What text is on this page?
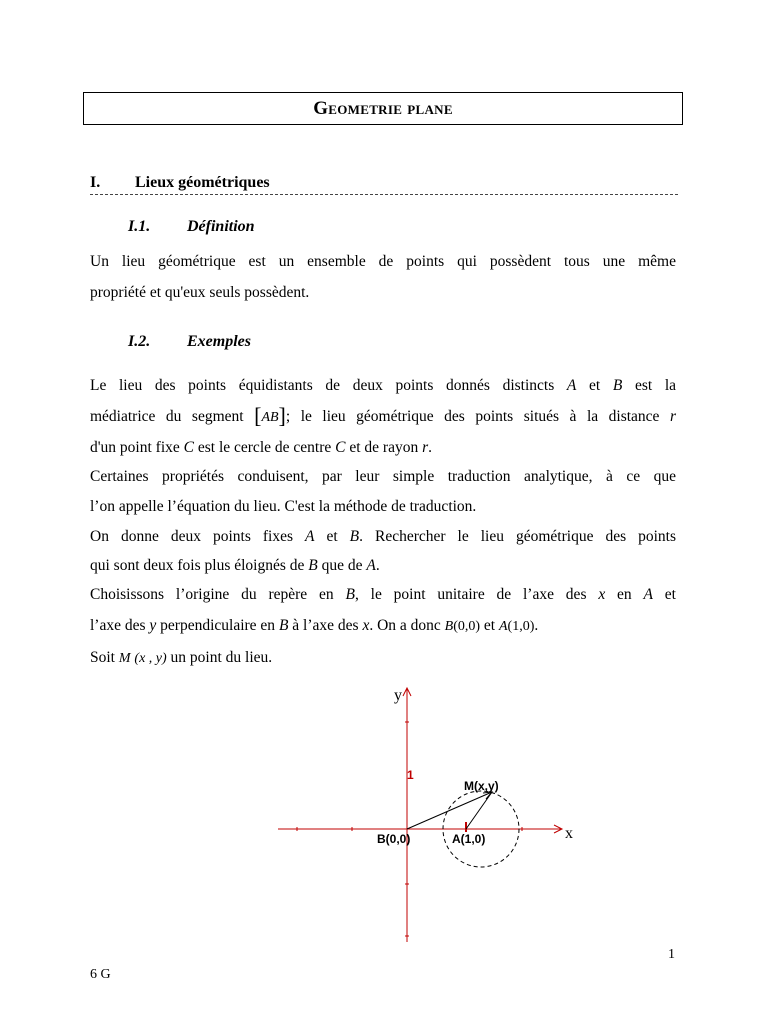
Geometrie plane
I. Lieux géométriques
I.1. Définition
Un lieu géométrique est un ensemble de points qui possèdent tous une même
propriété et qu'eux seuls possèdent.
I.2. Exemples
Le lieu des points équidistants de deux points donnés distincts A et B est la
médiatrice du segment [AB]; le lieu géométrique des points situés à la distance r
d'un point fixe C est le cercle de centre C et de rayon r.
Certaines propriétés conduisent, par leur simple traduction analytique, à ce que
l’on appelle l’équation du lieu. C'est la méthode de traduction.
On donne deux points fixes A et B. Rechercher le lieu géométrique des points
qui sont deux fois plus éloignés de B que de A.
Choisissons l’origine du repère en B, le point unitaire de l’axe des x en A et
l’axe des y perpendiculaire en B à l’axe des x. On a donc B(0,0) et A(1,0).
Soit M (x , y) un point du lieu.
y
x
1
M(x,y)
B(0,0)	A(1,0)
1
6 G
